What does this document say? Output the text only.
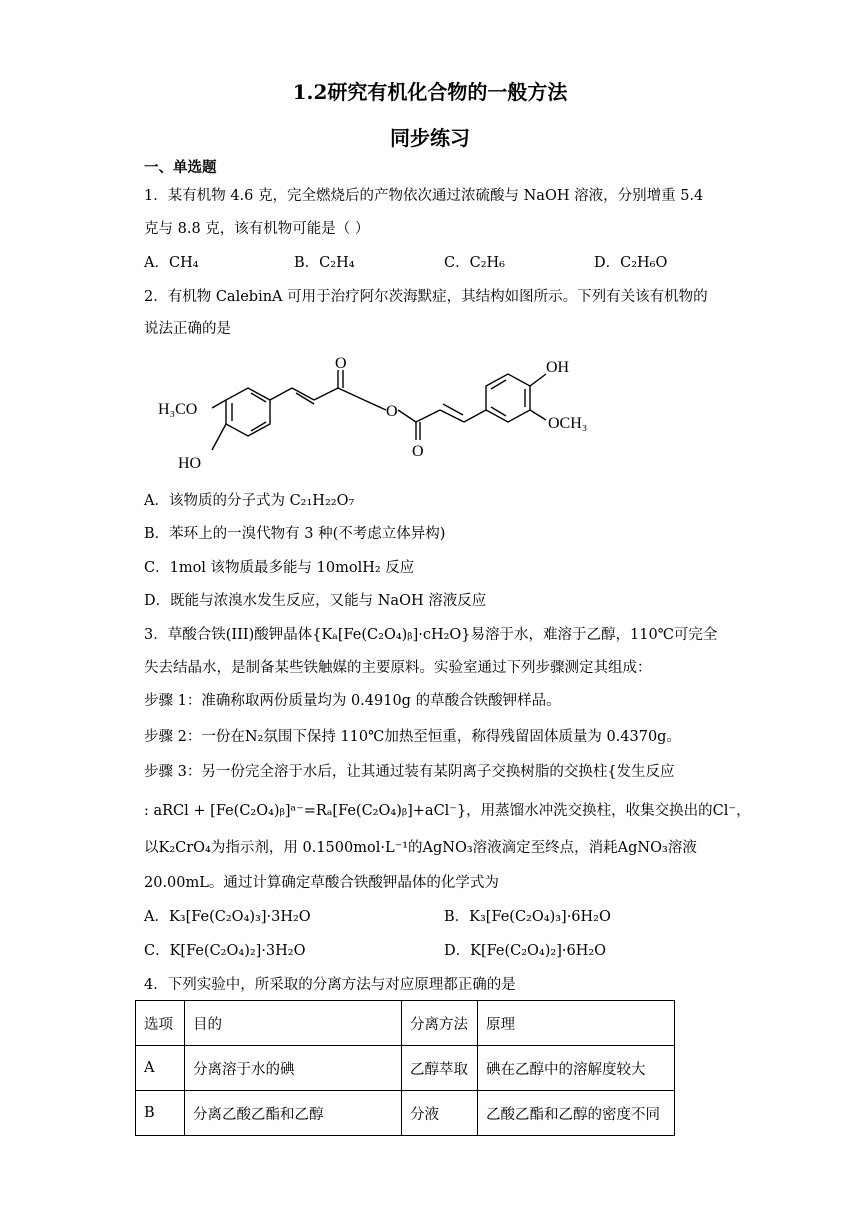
1.2研究有机化合物的一般方法
同步练习
一、单选题
1．某有机物 4.6 克，完全燃烧后的产物依次通过浓硫酸与 NaOH 溶液，分别增重 5.4
克与 8.8 克，该有机物可能是（ ）
A．CH₄	B．C₂H₄	C．C₂H₆	D．C₂H₆O
2．有机物 CalebinA 可用于治疗阿尔茨海默症，其结构如图所示。下列有关该有机物的
说法正确的是
OH
O
H₃CO	O
O
OCH₃
HO
A．该物质的分子式为 C₂₁H₂₂O₇
B．苯环上的一溴代物有 3 种(不考虑立体异构)
C．1mol 该物质最多能与 10molH₂ 反应
D．既能与浓溴水发生反应，又能与 NaOH 溶液反应
3．草酸合铁(III)酸钾晶体{Kₐ[Fe(C₂O₄)ᵦ]·cH₂O}易溶于水，难溶于乙醇，110℃可完全
失去结晶水，是制备某些铁触媒的主要原料。实验室通过下列步骤测定其组成：
步骤 1：准确称取两份质量均为 0.4910g 的草酸合铁酸钾样品。
步骤 2：一份在N₂氛围下保持 110℃加热至恒重，称得残留固体质量为 0.4370g。
步骤 3：另一份完全溶于水后，让其通过装有某阴离子交换树脂的交换柱{发生反应
: aRCl + [Fe(C₂O₄)ᵦ]ᵃ⁻=Rₐ[Fe(C₂O₄)ᵦ]+aCl⁻}，用蒸馏水冲洗交换柱，收集交换出的Cl⁻，
以K₂CrO₄为指示剂，用 0.1500mol·L⁻¹的AgNO₃溶液滴定至终点，消耗AgNO₃溶液
20.00mL。通过计算确定草酸合铁酸钾晶体的化学式为
A．K₃[Fe(C₂O₄)₃]·3H₂O	B．K₃[Fe(C₂O₄)₃]·6H₂O
C．K[Fe(C₂O₄)₂]·3H₂O	D．K[Fe(C₂O₄)₂]·6H₂O
4．下列实验中，所采取的分离方法与对应原理都正确的是
选项	目的	分离方法	原理
A	分离溶于水的碘	乙醇萃取	碘在乙醇中的溶解度较大
B	分离乙酸乙酯和乙醇	分液	乙酸乙酯和乙醇的密度不同
